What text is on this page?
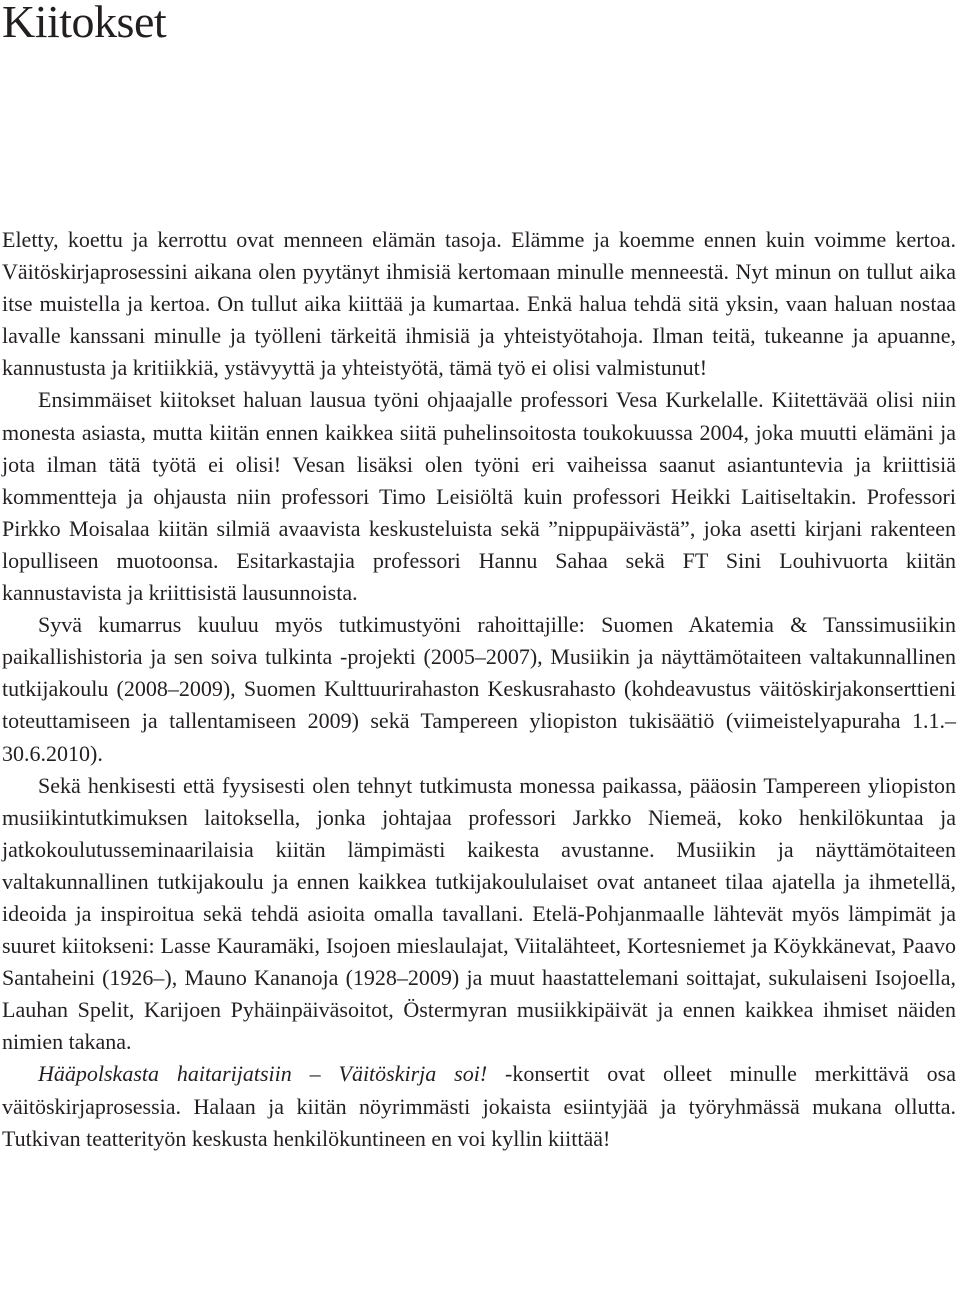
Kiitokset

Eletty, koettu ja kerrottu ovat menneen elämän tasoja. Elämme ja koemme ennen kuin voimme kertoa. Väitöskirjaprosessini aikana olen pyytänyt ihmisiä kertomaan minulle menneestä. Nyt minun on tullut aika itse muistella ja kertoa. On tullut aika kiittää ja kumartaa. Enkä halua tehdä sitä yksin, vaan haluan nostaa lavalle kanssani minulle ja työlleni tärkeitä ihmisiä ja yhteistyötahoja. Ilman teitä, tukeanne ja apuanne, kannustusta ja kritiikkiä, ystävyyttä ja yhteistyötä, tämä työ ei olisi valmistunut!

Ensimmäiset kiitokset haluan lausua työni ohjaajalle professori Vesa Kurkelalle. Kiitettävää olisi niin monesta asiasta, mutta kiitän ennen kaikkea siitä puhelinsoitosta toukokuussa 2004, joka muutti elämäni ja jota ilman tätä työtä ei olisi! Vesan lisäksi olen työni eri vaiheissa saanut asiantuntevia ja kriittisiä kommentteja ja ohjausta niin professori Timo Leisiöltä kuin professori Heikki Laitiseltakin. Professori Pirkko Moisalaa kiitän silmiä avaavista keskusteluista sekä ”nippupäivästä”, joka asetti kirjani rakenteen lopulliseen muotoonsa. Esitarkastajia professori Hannu Sahaa sekä FT Sini Louhivuorta kiitän kannustavista ja kriittisistä lausunnoista.

Syvä kumarrus kuuluu myös tutkimustyöni rahoittajille: Suomen Akatemia & Tanssimusiikin paikallishistoria ja sen soiva tulkinta -projekti (2005–2007), Musiikin ja näyttämötaiteen valtakunnallinen tutkijakoulu (2008–2009), Suomen Kulttuurirahaston Keskusrahasto (kohdeavustus väitöskirjakonserttieni toteuttamiseen ja tallentamiseen 2009) sekä Tampereen yliopiston tukisäätiö (viimeistelyapuraha 1.1.–30.6.2010).

Sekä henkisesti että fyysisesti olen tehnyt tutkimusta monessa paikassa, pääosin Tampereen yliopiston musiikintutkimuksen laitoksella, jonka johtajaa professori Jarkko Niemeä, koko henkilökuntaa ja jatkokoulutusseminaarilaisia kiitän lämpimästi kaikesta avustanne. Musiikin ja näyttämötaiteen valtakunnallinen tutkijakoulu ja ennen kaikkea tutkijakoululaiset ovat antaneet tilaa ajatella ja ihmetellä, ideoida ja inspiroitua sekä tehdä asioita omalla tavallani. Etelä-Pohjanmaalle lähtevät myös lämpimät ja suuret kiitokseni: Lasse Kauramäki, Isojoen mieslaulajat, Viitalähteet, Kortesniemet ja Köykkänevat, Paavo Santaheini (1926–), Mauno Kananoja (1928–2009) ja muut haastattelemani soittajat, sukulaiseni Isojoella, Lauhan Spelit, Karijoen Pyhäinpäiväsoitot, Östermyran musiikkipäivät ja ennen kaikkea ihmiset näiden nimien takana.

Hääpolskasta haitarijatsiin – Väitöskirja soi! -konsertit ovat olleet minulle merkittävä osa väitöskirjaprosessia. Halaan ja kiitän nöyrimmästi jokaista esiintyjää ja työryhmässä mukana ollutta. Tutkivan teatterityön keskusta henkilökuntineen en voi kyllin kiittää!
